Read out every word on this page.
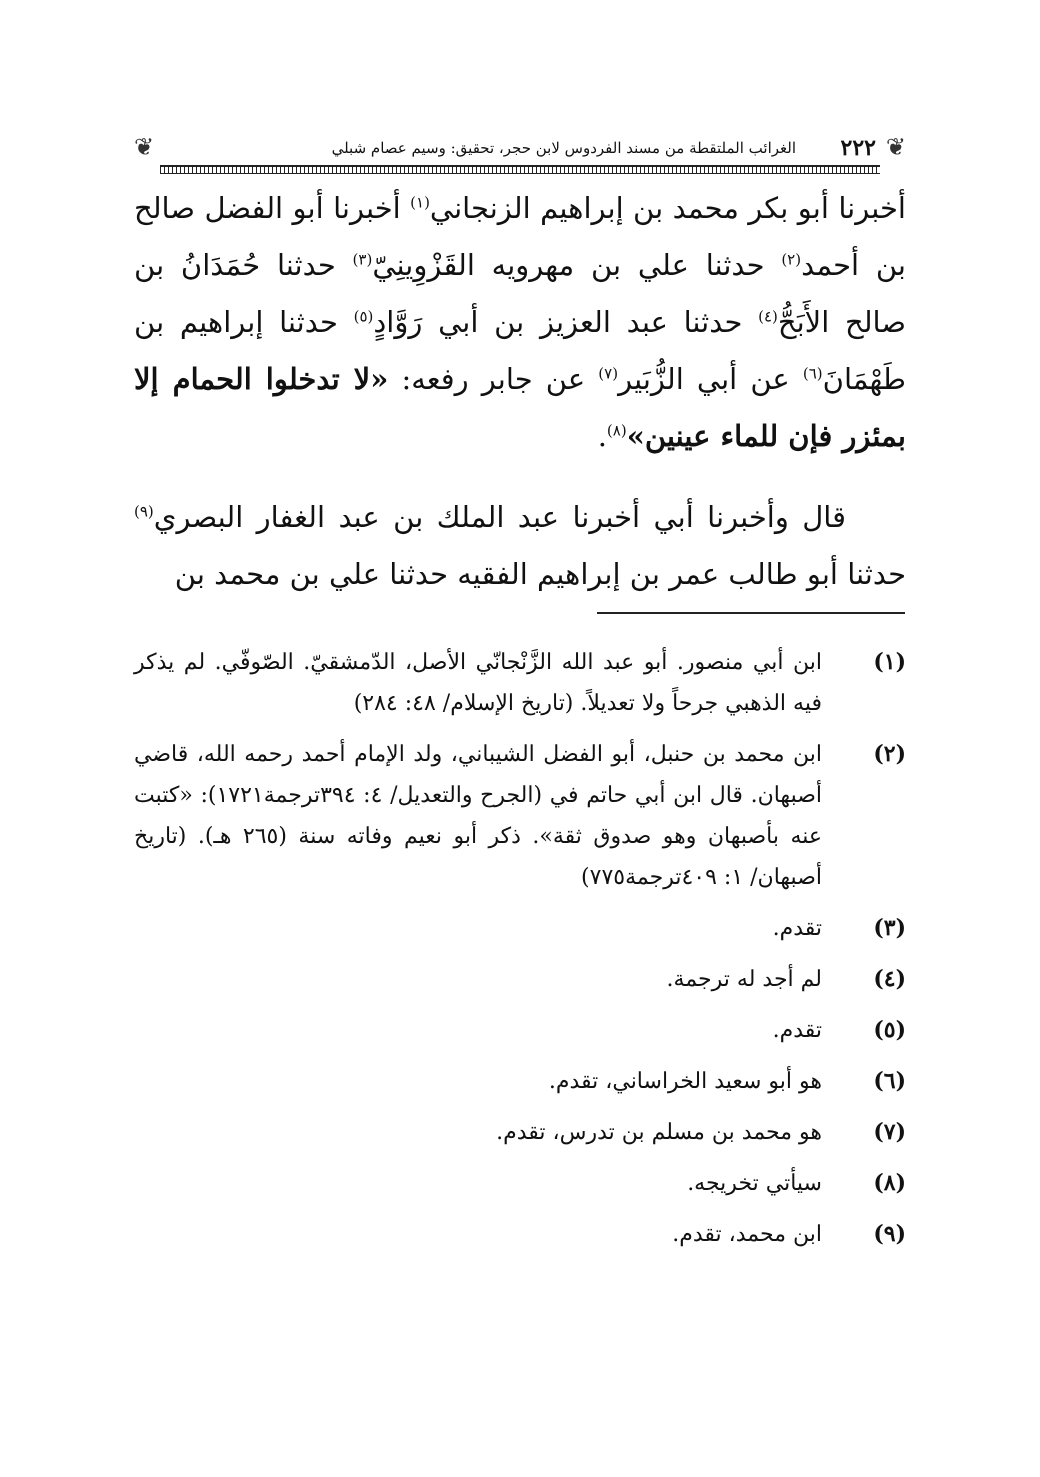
❦
٢٢٢
الغرائب الملتقطة من مسند الفردوس لابن حجر، تحقيق: وسيم عصام شبلي
❦

أخبرنا أبو بكر محمد بن إبراهيم الزنجاني$^{(١)}$ أخبرنا أبو الفضل صالح بن أحمد$^{(٢)}$ حدثنا علي بن مهرويه القَزْوِينِيّ$^{(٣)}$ حدثنا حُمَدَانُ بن صالح الأَبَحُّ$^{(٤)}$ حدثنا عبد العزيز بن أبي رَوَّادٍ$^{(٥)}$ حدثنا إبراهيم بن طَهْمَانَ$^{(٦)}$ عن أبي الزُّبَير$^{(٧)}$ عن جابر رفعه: «لا تدخلوا الحمام إلا بمئزر فإن للماء عينين»$^{(٨)}$.

قال وأخبرنا أبي أخبرنا عبد الملك بن عبد الغفار البصري$^{(٩)}$ حدثنا أبو طالب عمر بن إبراهيم الفقيه حدثنا علي بن محمد بن

(١)
ابن أبي منصور. أبو عبد الله الزَّنْجانّي الأصل، الدّمشقيّ. الصّوفّي. لم يذكر فيه الذهبي جرحاً ولا تعديلاً. (تاريخ الإسلام/ ٤٨: ٢٨٤)
(٢)
ابن محمد بن حنبل، أبو الفضل الشيباني، ولد الإمام أحمد رحمه الله، قاضي أصبهان. قال ابن أبي حاتم في (الجرح والتعديل/ ٤: ٣٩٤ترجمة١٧٢١): «كتبت عنه بأصبهان وهو صدوق ثقة». ذكر أبو نعيم وفاته سنة (٢٦٥ هـ). (تاريخ أصبهان/ ١: ٤٠٩ترجمة٧٧٥)
(٣)
تقدم.
(٤)
لم أجد له ترجمة.
(٥)
تقدم.
(٦)
هو أبو سعيد الخراساني، تقدم.
(٧)
هو محمد بن مسلم بن تدرس، تقدم.
(٨)
سيأتي تخريجه.
(٩)
ابن محمد، تقدم.
